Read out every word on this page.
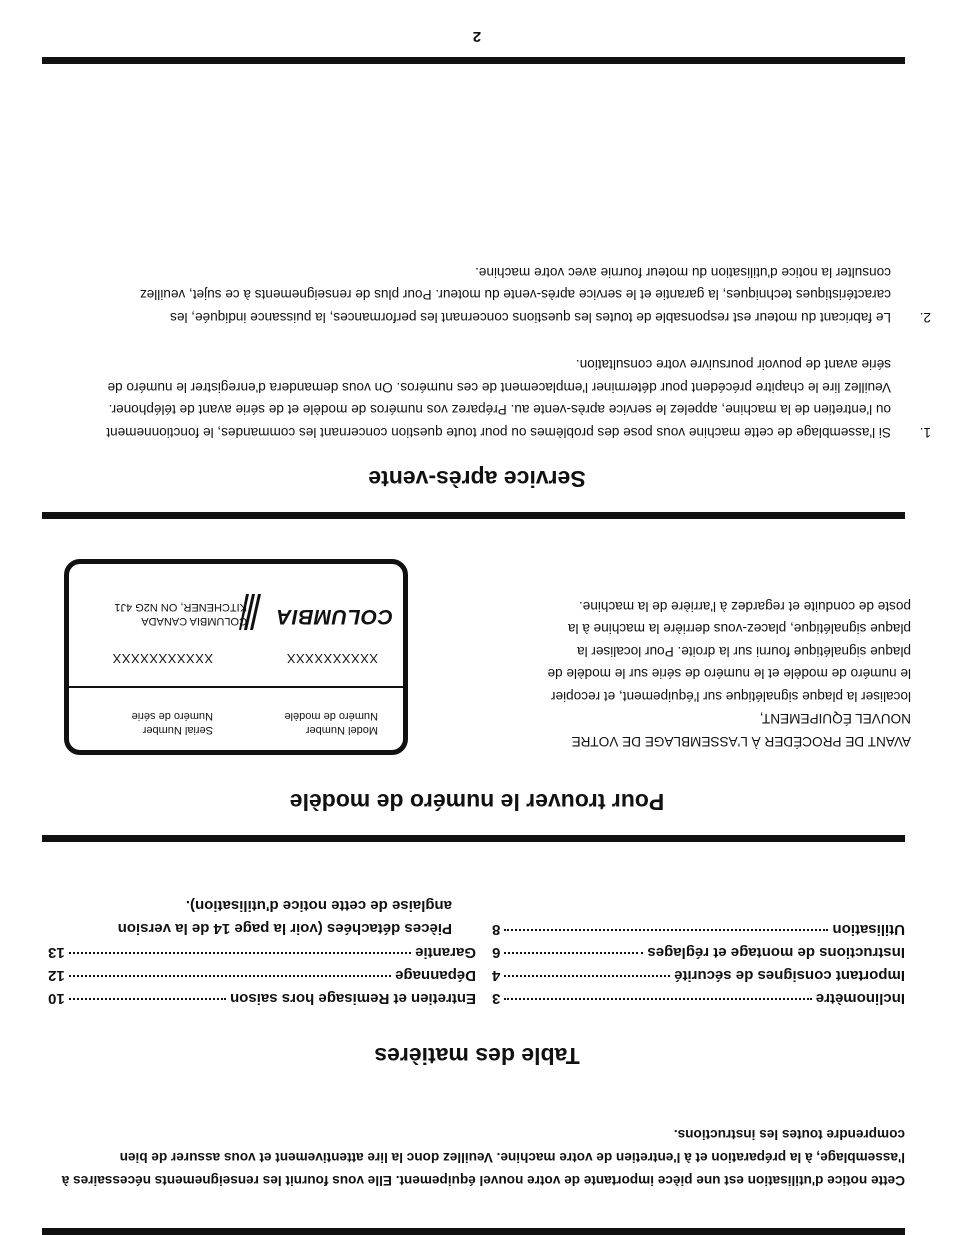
Cette notice d'utilisation est une pièce importante de votre nouvel équipement. Elle vous fournit les renseignements nécessaires à l'assemblage, à la préparation et à l'entretien de votre machine. Veuillez donc la lire attentivement et vous assurer de bien comprendre toutes les instructions.

Table des matières
Inclinomètre
3
Important consignes de sécurité
4
Instructions de montage et réglages
6
Utilisation
8
Entretien et Remisage hors saison
10
Dépannage
12
Garantie
13
Pièces détachées (voir la page 14 de la version anglaise de cette notice d'utilisation).
Pour trouver le numéro de modèle
AVANT DE PROCÉDER À L'ASSEMBLAGE DE VOTRE NOUVEL ÉQUIPEMENT,
localiser la plaque signalétique sur l'équipement, et recopier le numéro de modèle et le numéro de série sur le modèle de plaque signalétique fourni sur la droite. Pour localiser la plaque signalétique, placez-vous derrière la machine à la poste de conduite et regardez à l'arrière de la machine.
Model Number
Numéro de modèle
Serial Number
Numéro de série
XXXXXXXXXX
XXXXXXXXXXX
COLUMBIA
COLUMBIA CANADA
KITCHENER, ON N2G 4J1
Service après-vente
1.Si l'assemblage de cette machine vous pose des problèmes ou pour toute question concernant les commandes, le fonctionnement ou l'entretien de la machine, appelez le service après-vente au. Préparez vos numéros de modèle et de série avant de téléphoner. Veuillez lire le chapitre précédent pour déterminer l'emplacement de ces numéros. On vous demandera d'enregistrer le numéro de série avant de pouvoir poursuivre votre consultation.
2.Le fabricant du moteur est responsable de toutes les questions concernant les performances, la puissance indiquée, les caractéristiques techniques, la garantie et le service après-vente du moteur. Pour plus de renseignements à ce sujet, veuillez consulter la notice d'utilisation du moteur fournie avec votre machine.
2
